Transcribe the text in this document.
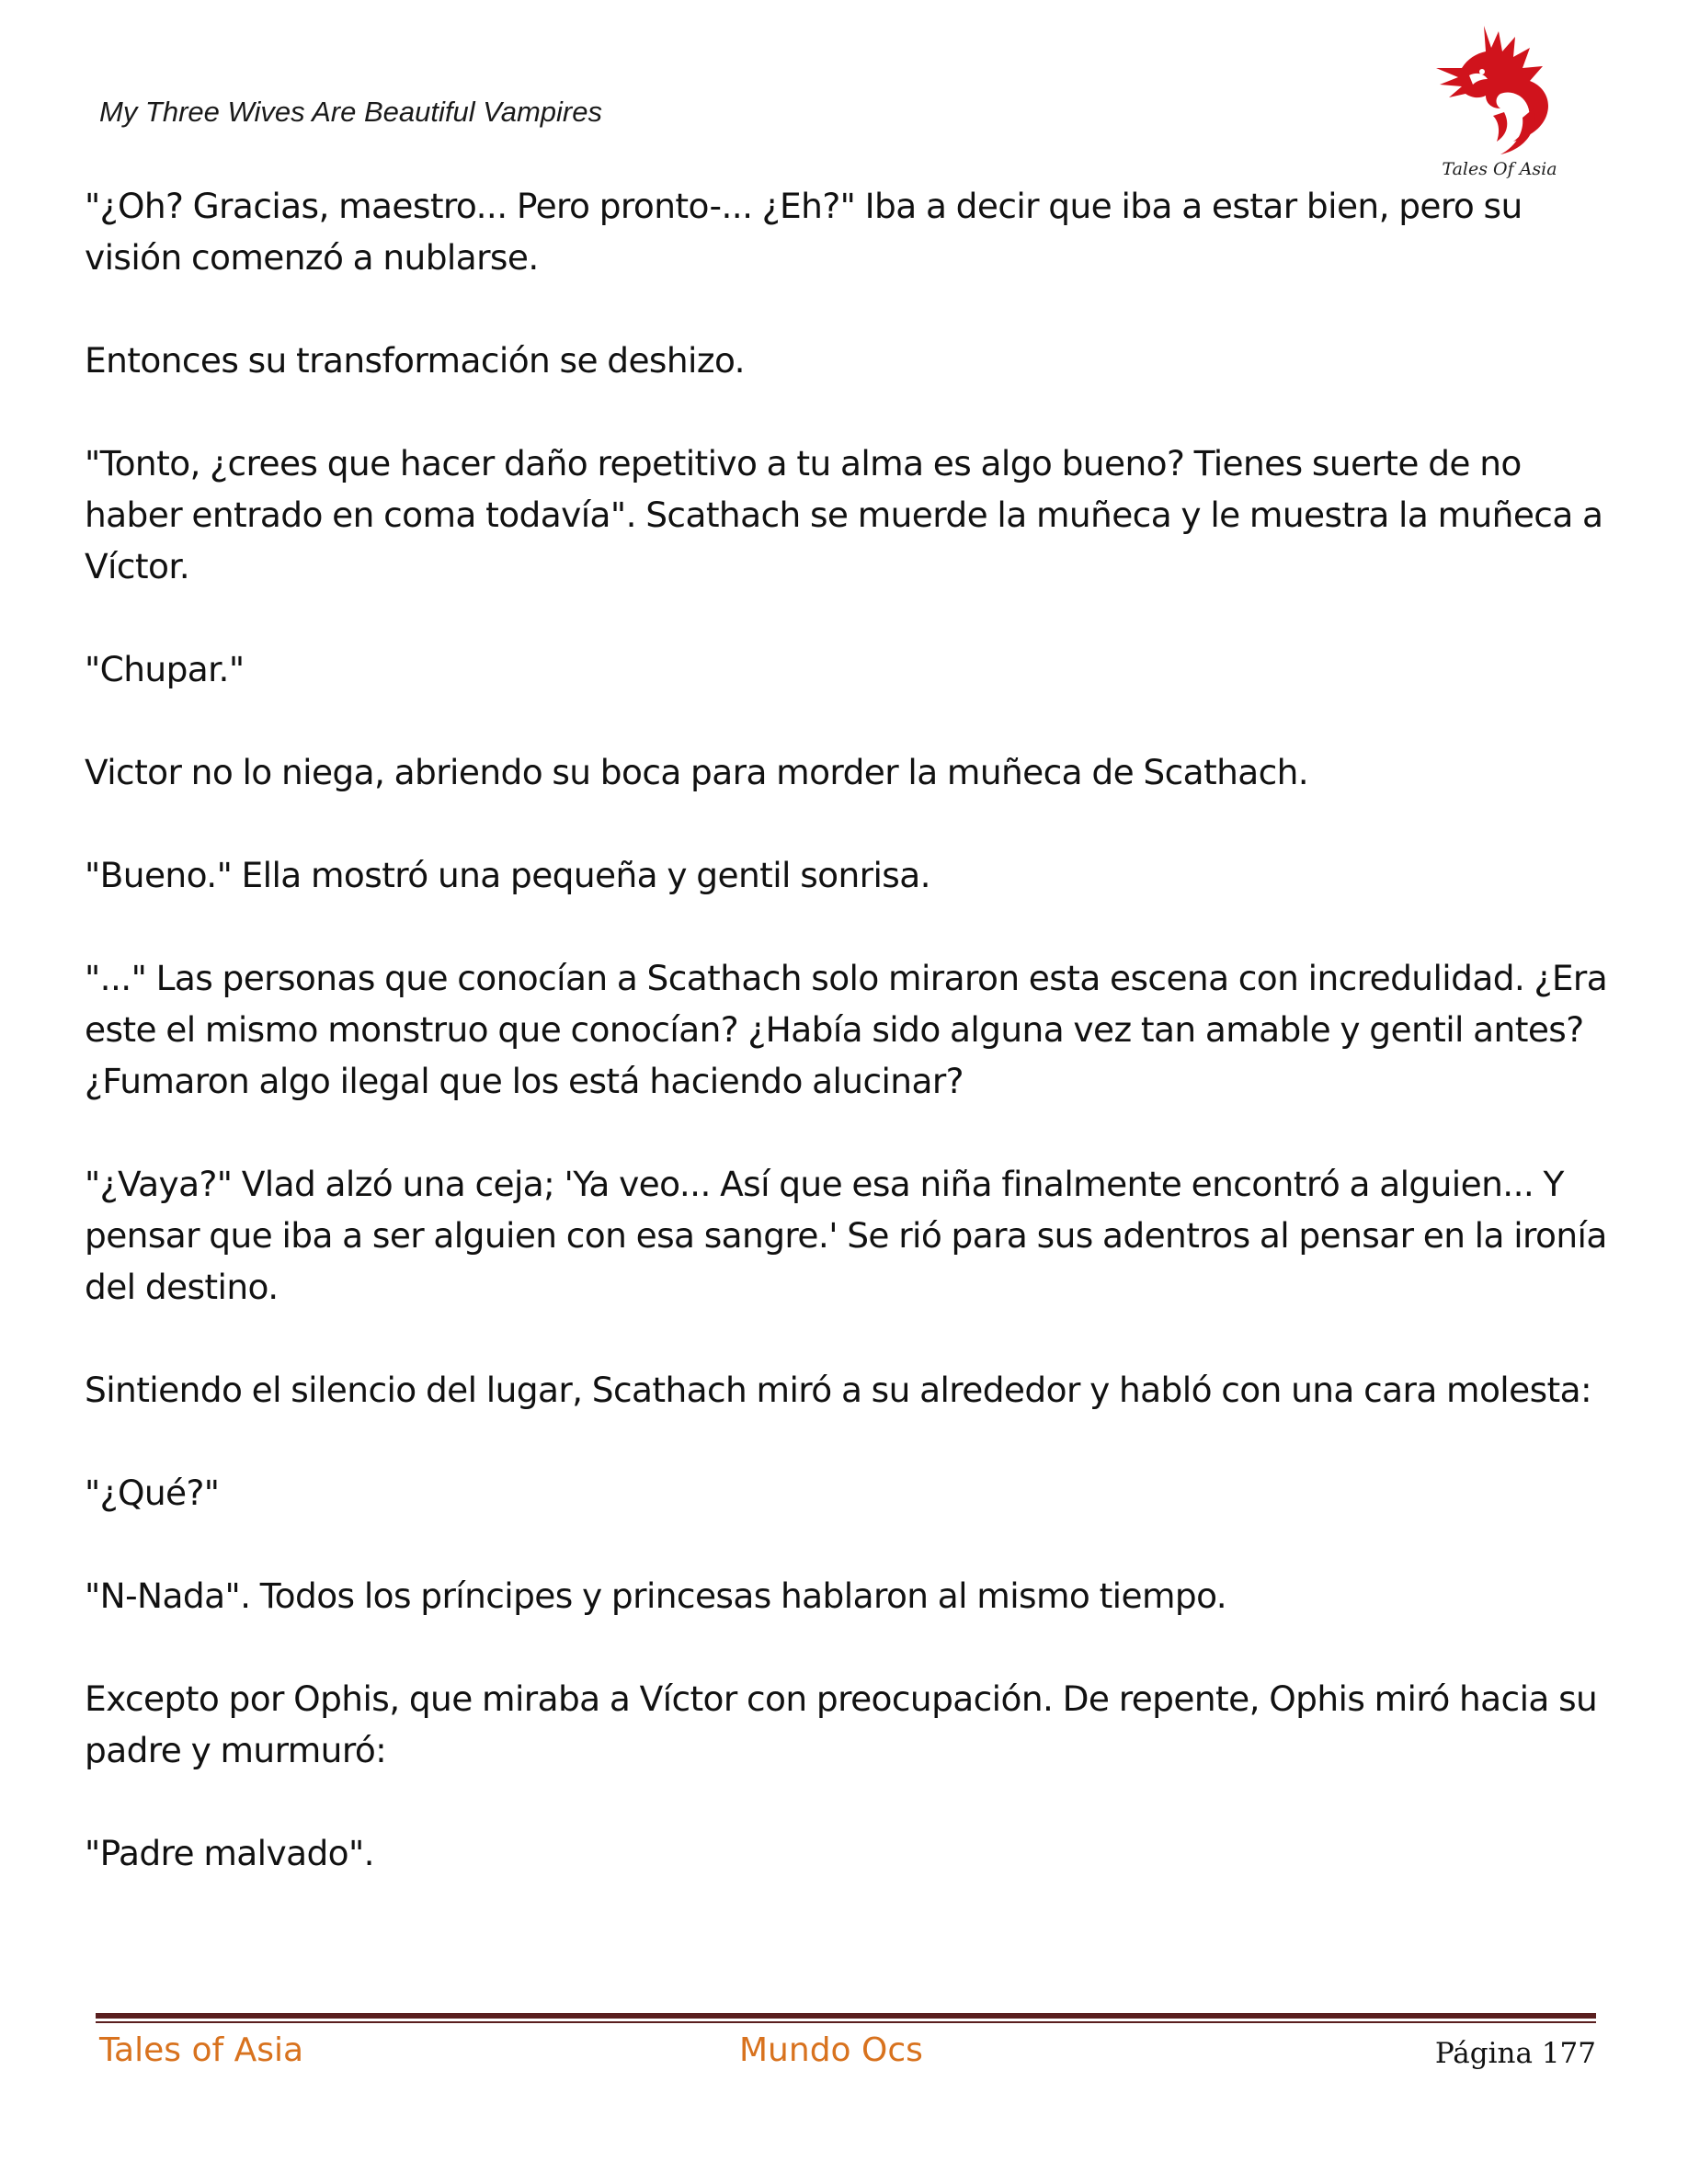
My Three Wives Are Beautiful Vampires
Tales Of Asia

"¿Oh? Gracias, maestro... Pero pronto-... ¿Eh?" Iba a decir que iba a estar bien, pero su visión comenzó a nublarse.

Entonces su transformación se deshizo.

"Tonto, ¿crees que hacer daño repetitivo a tu alma es algo bueno? Tienes suerte de no haber entrado en coma todavía". Scathach se muerde la muñeca y le muestra la muñeca a Víctor.

"Chupar."

Victor no lo niega, abriendo su boca para morder la muñeca de Scathach.

"Bueno." Ella mostró una pequeña y gentil sonrisa.

"..." Las personas que conocían a Scathach solo miraron esta escena con incredulidad. ¿Era este el mismo monstruo que conocían? ¿Había sido alguna vez tan amable y gentil antes? ¿Fumaron algo ilegal que los está haciendo alucinar?

"¿Vaya?" Vlad alzó una ceja; 'Ya veo... Así que esa niña finalmente encontró a alguien... Y pensar que iba a ser alguien con esa sangre.' Se rió para sus adentros al pensar en la ironía del destino.

Sintiendo el silencio del lugar, Scathach miró a su alrededor y habló con una cara molesta:

"¿Qué?"

"N-Nada". Todos los príncipes y princesas hablaron al mismo tiempo.

Excepto por Ophis, que miraba a Víctor con preocupación. De repente, Ophis miró hacia su padre y murmuró:

"Padre malvado".

Tales of Asia	Mundo Ocs	Página 177
